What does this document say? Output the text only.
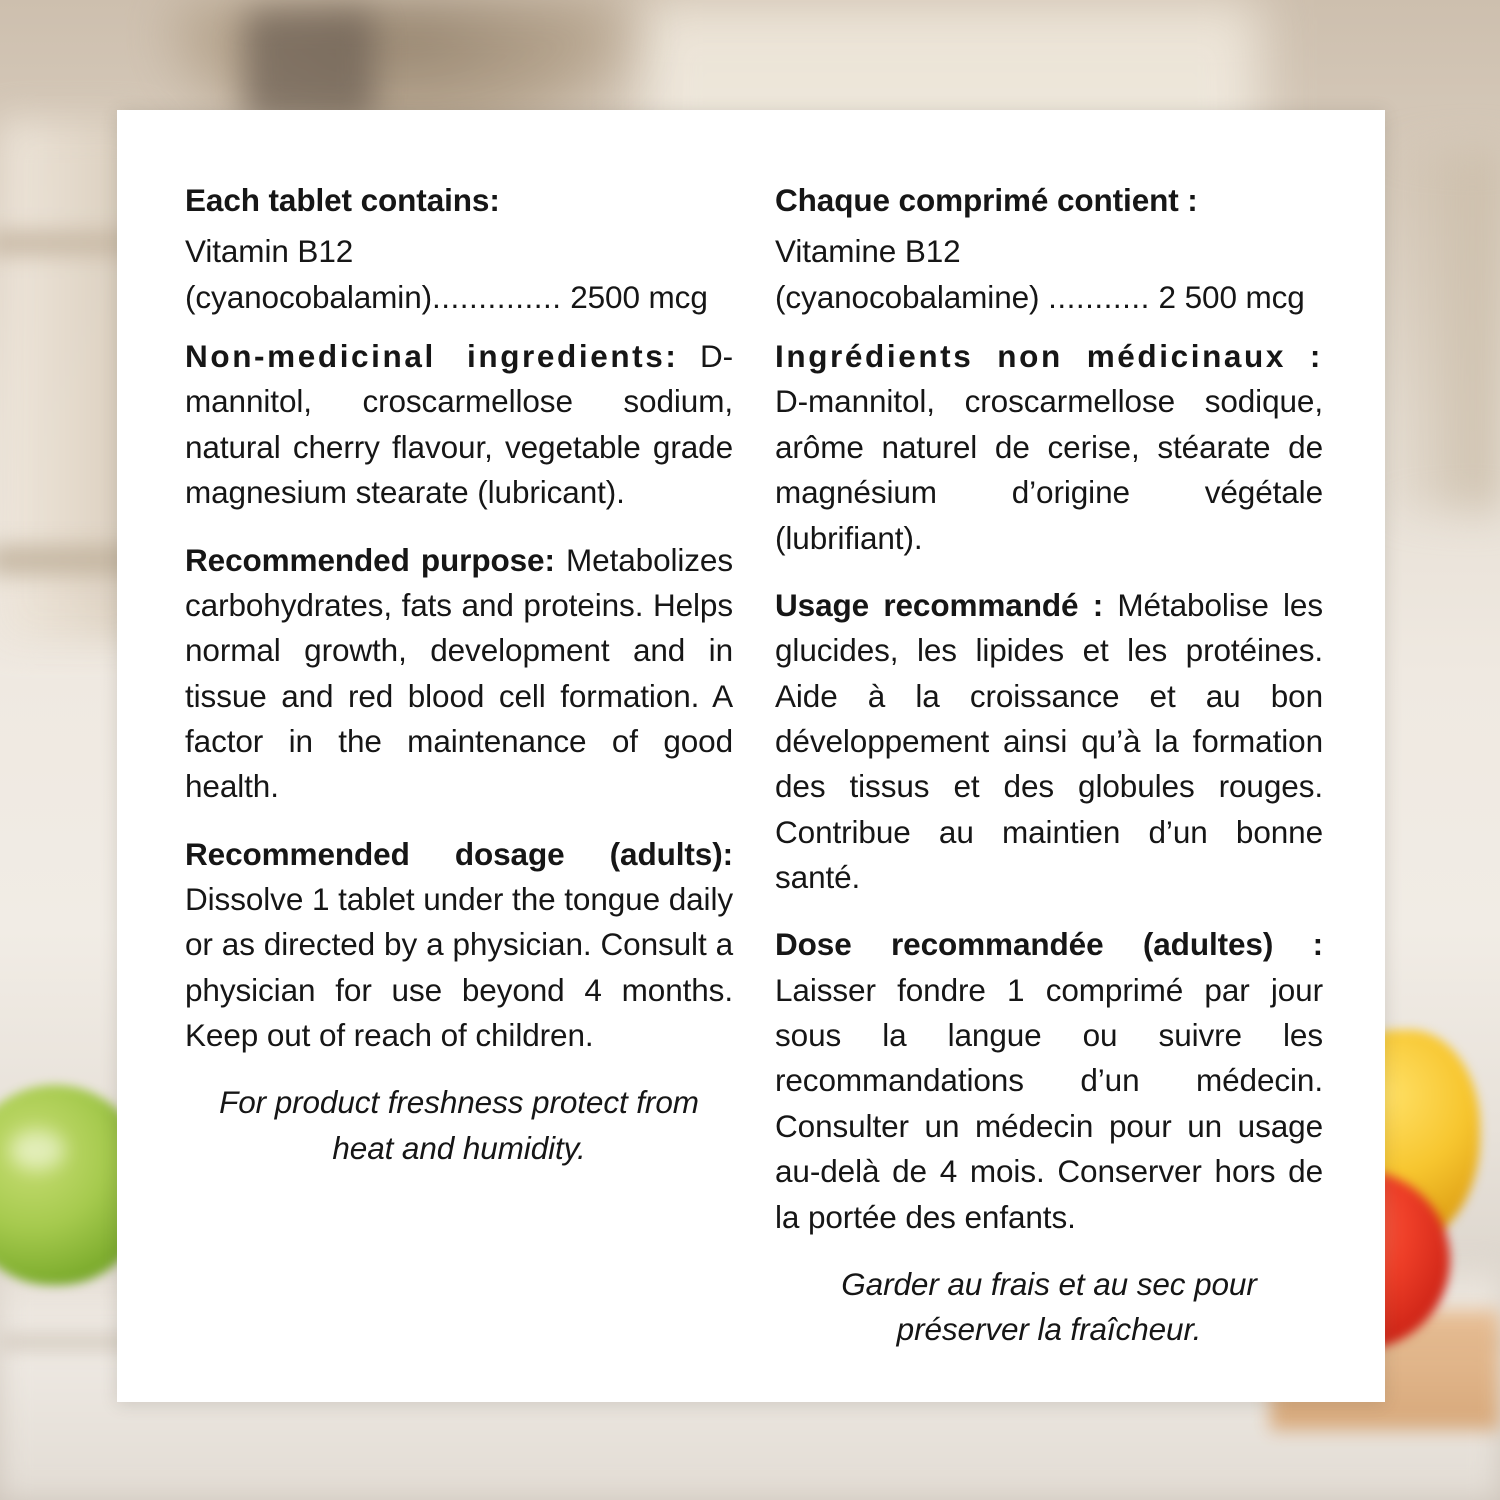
Each tablet contains:

Vitamin B12
(cyanocobalamin).............. 2500 mcg

Non-medicinal ingredients: D-mannitol, croscarmellose sodium, natural cherry flavour, vegetable grade magnesium stearate (lubricant).

Recommended purpose: Metabolizes carbohydrates, fats and proteins. Helps normal growth, development and in tissue and red blood cell formation. A factor in the maintenance of good health.

Recommended dosage (adults): Dissolve 1 tablet under the tongue daily or as directed by a physician. Consult a physician for use beyond 4 months. Keep out of reach of children.

For product freshness protect from heat and humidity.

Chaque comprimé contient :

Vitamine B12
(cyanocobalamine) ........... 2 500 mcg

Ingrédients non médicinaux : D-mannitol, croscarmellose sodique, arôme naturel de cerise, stéarate de magnésium d’origine végétale (lubrifiant).

Usage recommandé : Métabolise les glucides, les lipides et les protéines. Aide à la croissance et au bon développement ainsi qu’à la formation des tissus et des globules rouges. Contribue au maintien d’un bonne santé.

Dose recommandée (adultes) : Laisser fondre 1 comprimé par jour sous la langue ou suivre les recommandations d’un médecin. Consulter un médecin pour un usage au-delà de 4 mois. Conserver hors de la portée des enfants.

Garder au frais et au sec pour préserver la fraîcheur.
